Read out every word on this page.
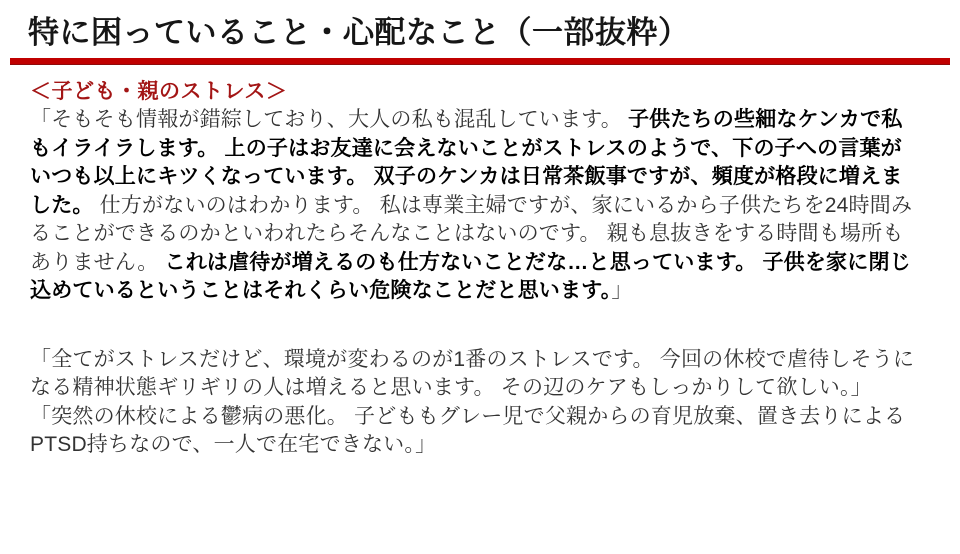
特に困っていること・心配なこと（一部抜粋）
＜子ども・親のストレス＞
「そもそも情報が錯綜しており、大人の私も混乱しています。 子供たちの些細なケンカで私
もイライラします。 上の子はお友達に会えないことがストレスのようで、下の子への言葉が
いつも以上にキツくなっています。 双子のケンカは日常茶飯事ですが、頻度が格段に増えま
した。 仕方がないのはわかります。 私は専業主婦ですが、家にいるから子供たちを24時間み
ることができるのかといわれたらそんなことはないのです。 親も息抜きをする時間も場所も
ありません。 これは虐待が増えるのも仕方ないことだな…と思っています。 子供を家に閉じ
込めているということはそれくらい危険なことだと思います。」
「全てがストレスだけど、環境が変わるのが1番のストレスです。 今回の休校で虐待しそうに
なる精神状態ギリギリの人は増えると思います。 その辺のケアもしっかりして欲しい。」
「突然の休校による鬱病の悪化。 子どももグレー児で父親からの育児放棄、置き去りによる
PTSD持ちなので、一人で在宅できない。」
